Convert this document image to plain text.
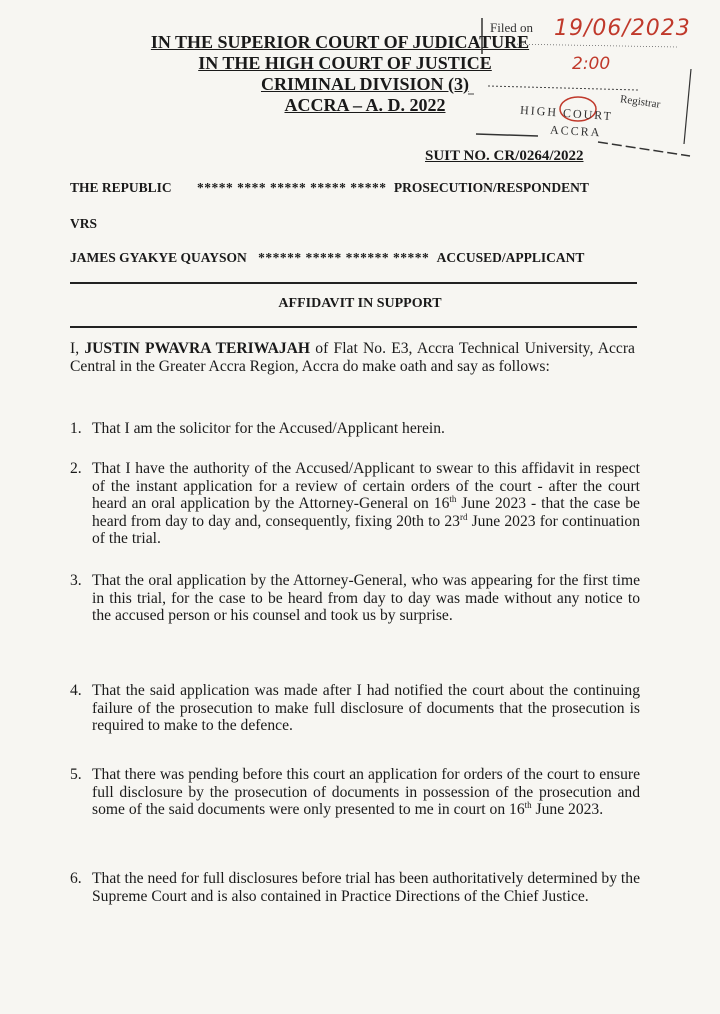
IN THE SUPERIOR COURT OF JUDICATURE
IN THE HIGH COURT OF JUSTICE
CRIMINAL DIVISION (3)
ACCRA – A. D. 2022
Filed on 19/06/2023
2:00
Registrar
HIGH COURT
ACCRA
SUIT NO. CR/0264/2022
THE REPUBLIC ***** **** ***** ***** ***** PROSECUTION/RESPONDENT
VRS
JAMES GYAKYE QUAYSON ****** ***** ****** ***** ACCUSED/APPLICANT
AFFIDAVIT IN SUPPORT
I, JUSTIN PWAVRA TERIWAJAH of Flat No. E3, Accra Technical University, Accra Central in the Greater Accra Region, Accra do make oath and say as follows:
1. That I am the solicitor for the Accused/Applicant herein.
2. That I have the authority of the Accused/Applicant to swear to this affidavit in respect of the instant application for a review of certain orders of the court - after the court heard an oral application by the Attorney-General on 16th June 2023 - that the case be heard from day to day and, consequently, fixing 20th to 23rd June 2023 for continuation of the trial.
3. That the oral application by the Attorney-General, who was appearing for the first time in this trial, for the case to be heard from day to day was made without any notice to the accused person or his counsel and took us by surprise.
4. That the said application was made after I had notified the court about the continuing failure of the prosecution to make full disclosure of documents that the prosecution is required to make to the defence.
5. That there was pending before this court an application for orders of the court to ensure full disclosure by the prosecution of documents in possession of the prosecution and some of the said documents were only presented to me in court on 16th June 2023.
6. That the need for full disclosures before trial has been authoritatively determined by the Supreme Court and is also contained in Practice Directions of the Chief Justice.
